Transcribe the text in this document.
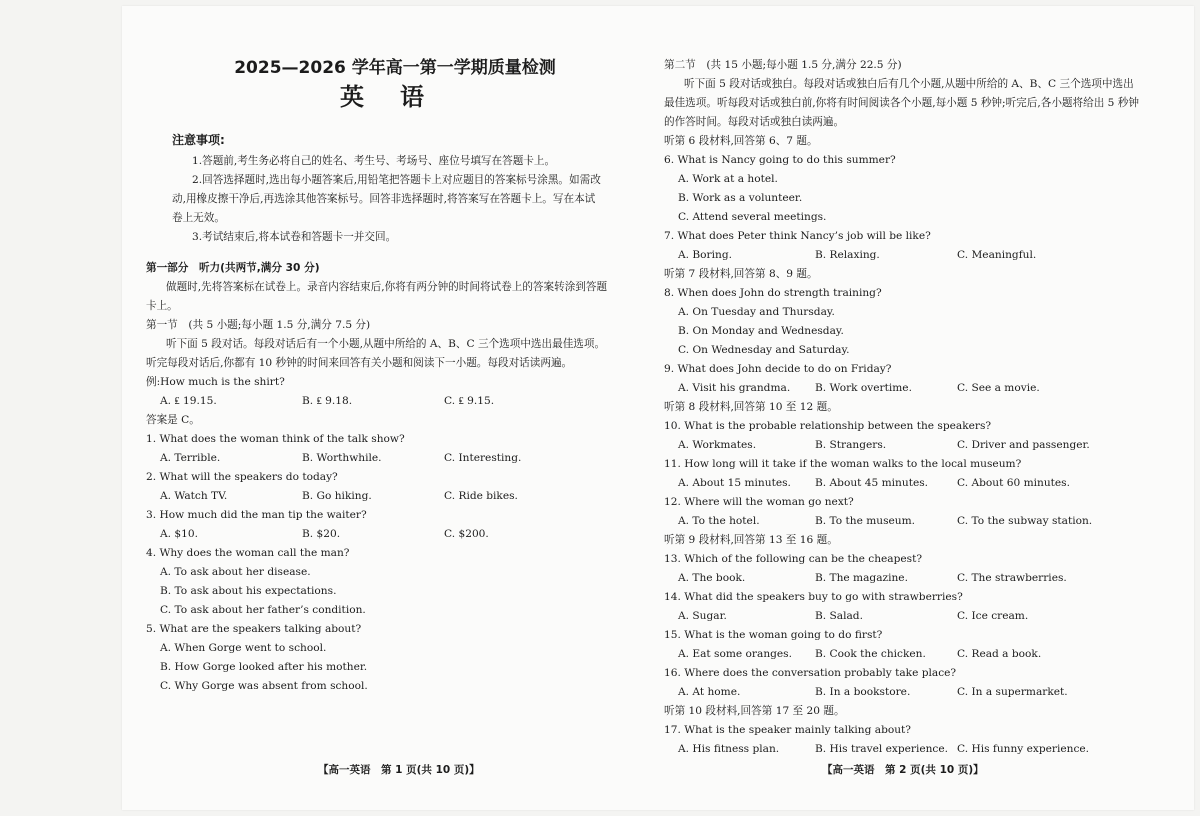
2025—2026 学年高一第一学期质量检测
英语
注意事项:
1.答题前,考生务必将自己的姓名、考生号、考场号、座位号填写在答题卡上。
2.回答选择题时,选出每小题答案后,用铅笔把答题卡上对应题目的答案标号涂黑。如需改动,用橡皮擦干净后,再选涂其他答案标号。回答非选择题时,将答案写在答题卡上。写在本试卷上无效。
3.考试结束后,将本试卷和答题卡一并交回。
第一部分　听力(共两节,满分 30 分)
做题时,先将答案标在试卷上。录音内容结束后,你将有两分钟的时间将试卷上的答案转涂到答题卡上。
第一节　(共 5 小题;每小题 1.5 分,满分 7.5 分)
听下面 5 段对话。每段对话后有一个小题,从题中所给的 A、B、C 三个选项中选出最佳选项。听完每段对话后,你都有 10 秒钟的时间来回答有关小题和阅读下一小题。每段对话读两遍。
例:How much is the shirt?
A. ₤ 19.15.	B. ₤ 9.18.	C. ₤ 9.15.
答案是 C。
1. What does the woman think of the talk show?
A. Terrible.	B. Worthwhile.	C. Interesting.
2. What will the speakers do today?
A. Watch TV.	B. Go hiking.	C. Ride bikes.
3. How much did the man tip the waiter?
A. $10.	B. $20.	C. $200.
4. Why does the woman call the man?
A. To ask about her disease.
B. To ask about his expectations.
C. To ask about her father’s condition.
5. What are the speakers talking about?
A. When Gorge went to school.
B. How Gorge looked after his mother.
C. Why Gorge was absent from school.
【高一英语　第 1 页(共 10 页)】
第二节　(共 15 小题;每小题 1.5 分,满分 22.5 分)
听下面 5 段对话或独白。每段对话或独白后有几个小题,从题中所给的 A、B、C 三个选项中选出最佳选项。听每段对话或独白前,你将有时间阅读各个小题,每小题 5 秒钟;听完后,各小题将给出 5 秒钟的作答时间。每段对话或独白读两遍。
听第 6 段材料,回答第 6、7 题。
6. What is Nancy going to do this summer?
A. Work at a hotel.
B. Work as a volunteer.
C. Attend several meetings.
7. What does Peter think Nancy’s job will be like?
A. Boring.	B. Relaxing.	C. Meaningful.
听第 7 段材料,回答第 8、9 题。
8. When does John do strength training?
A. On Tuesday and Thursday.
B. On Monday and Wednesday.
C. On Wednesday and Saturday.
9. What does John decide to do on Friday?
A. Visit his grandma.	B. Work overtime.	C. See a movie.
听第 8 段材料,回答第 10 至 12 题。
10. What is the probable relationship between the speakers?
A. Workmates.	B. Strangers.	C. Driver and passenger.
11. How long will it take if the woman walks to the local museum?
A. About 15 minutes.	B. About 45 minutes.	C. About 60 minutes.
12. Where will the woman go next?
A. To the hotel.	B. To the museum.	C. To the subway station.
听第 9 段材料,回答第 13 至 16 题。
13. Which of the following can be the cheapest?
A. The book.	B. The magazine.	C. The strawberries.
14. What did the speakers buy to go with strawberries?
A. Sugar.	B. Salad.	C. Ice cream.
15. What is the woman going to do first?
A. Eat some oranges.	B. Cook the chicken.	C. Read a book.
16. Where does the conversation probably take place?
A. At home.	B. In a bookstore.	C. In a supermarket.
听第 10 段材料,回答第 17 至 20 题。
17. What is the speaker mainly talking about?
A. His fitness plan.	B. His travel experience. C. His funny experience.
【高一英语　第 2 页(共 10 页)】
